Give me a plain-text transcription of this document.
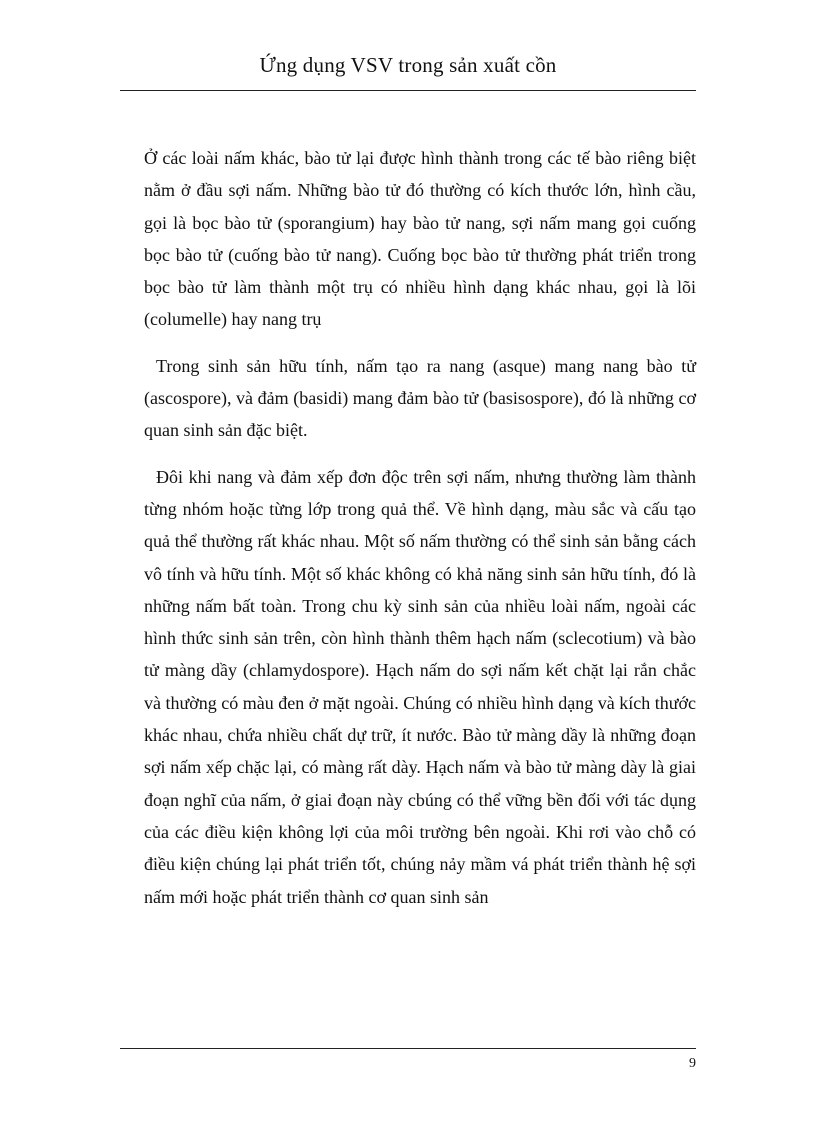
Ứng dụng VSV trong sản xuất cồn

Ở các loài nấm khác, bào tử lại được hình thành trong các tế bào riêng biệt nằm ở đầu sợi nấm. Những bào tử đó thường có kích thước lớn, hình cầu, gọi là bọc bào tử (sporangium) hay bào tử nang, sợi nấm mang gọi cuống bọc bào tử (cuống bào tử nang). Cuống bọc bào tử thường phát triển trong bọc bào tử làm thành một trụ có nhiều hình dạng khác nhau, gọi là lõi (columelle) hay nang trụ

Trong sinh sản hữu tính, nấm tạo ra nang (asque) mang nang bào tử (ascospore), và đảm (basidi) mang đảm bào tử (basisospore), đó là những cơ quan sinh sản đặc biệt.

Đôi khi nang và đảm xếp đơn độc trên sợi nấm, nhưng thường làm thành từng nhóm hoặc từng lớp trong quả thể. Về hình dạng, màu sắc và cấu tạo quả thể thường rất khác nhau. Một số nấm thường có thể sinh sản bằng cách vô tính và hữu tính. Một số khác không có khả năng sinh sản hữu tính, đó là những nấm bất toàn. Trong chu kỳ sinh sản của nhiều loài nấm, ngoài các hình thức sinh sản trên, còn hình thành thêm hạch nấm (sclecotium) và bào tử màng dầy (chlamydospore). Hạch nấm do sợi nấm kết chặt lại rắn chắc và thường có màu đen ở mặt ngoài. Chúng có nhiều hình dạng và kích thước khác nhau, chứa nhiều chất dự trữ, ít nước. Bào tử màng dầy là những đoạn sợi nấm xếp chặc lại, có màng rất dày. Hạch nấm và bào tử màng dày là giai đoạn nghĩ của nấm, ở giai đoạn này cbúng có thể vững bền đối với tác dụng của các điều kiện không lợi của môi trường bên ngoài. Khi rơi vào chỗ có điều kiện chúng lại phát triển tốt, chúng nảy mầm vá phát triển thành hệ sợi nấm mới hoặc phát triển thành cơ quan sinh sản

9
